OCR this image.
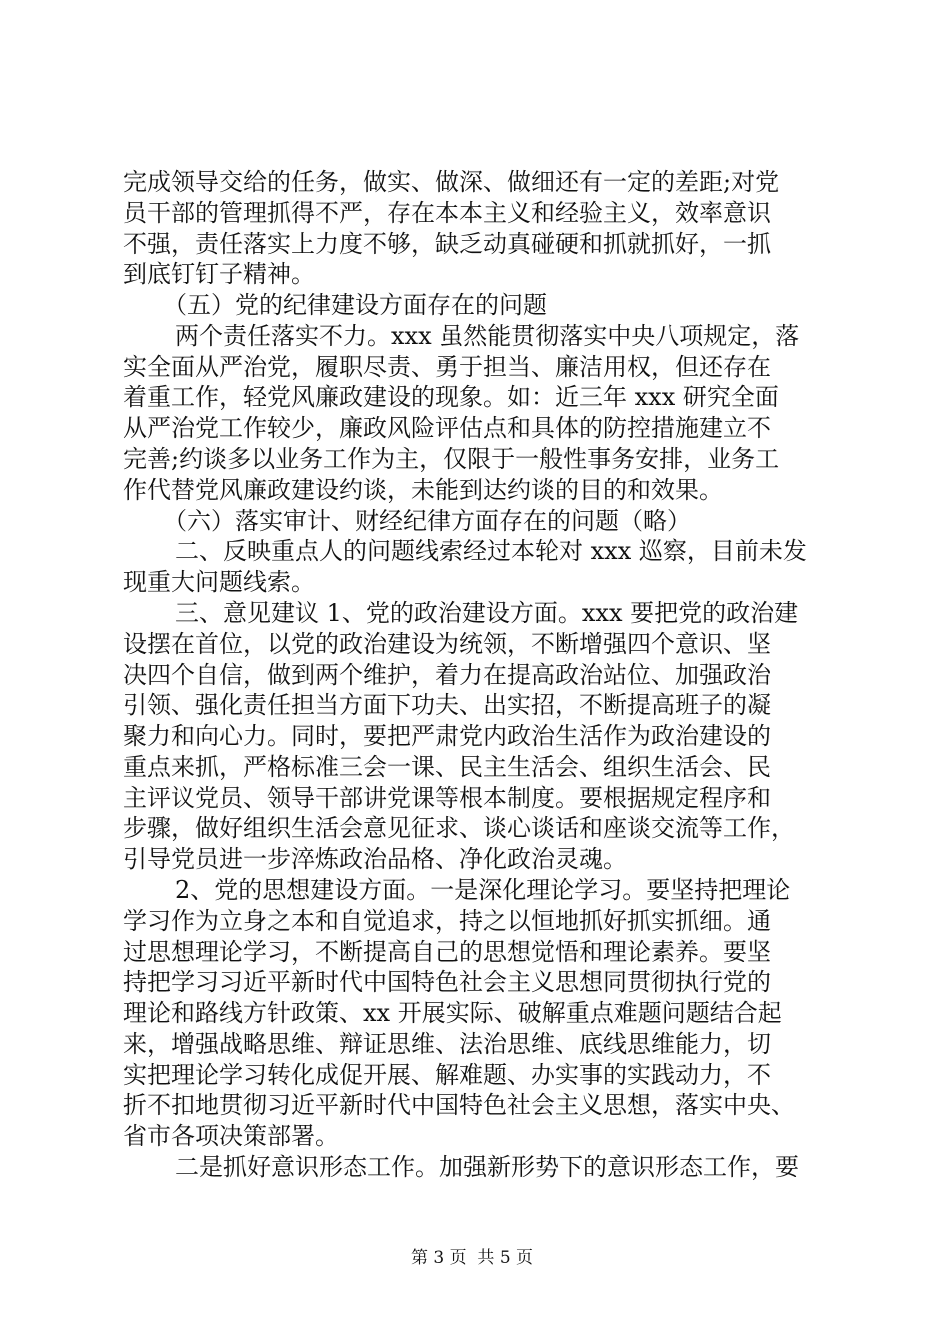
完成领导交给的任务，做实、做深、做细还有一定的差距;对党

员干部的管理抓得不严，存在本本主义和经验主义，效率意识

不强，责任落实上力度不够，缺乏动真碰硬和抓就抓好，一抓

到底钉钉子精神。

（五）党的纪律建设方面存在的问题

两个责任落实不力。xxx 虽然能贯彻落实中央八项规定，落

实全面从严治党，履职尽责、勇于担当、廉洁用权，但还存在

着重工作，轻党风廉政建设的现象。如：近三年 xxx 研究全面

从严治党工作较少，廉政风险评估点和具体的防控措施建立不

完善;约谈多以业务工作为主，仅限于一般性事务安排，业务工

作代替党风廉政建设约谈，未能到达约谈的目的和效果。

（六）落实审计、财经纪律方面存在的问题（略）

二、反映重点人的问题线索经过本轮对 xxx 巡察，目前未发

现重大问题线索。

三、意见建议 1、党的政治建设方面。xxx 要把党的政治建

设摆在首位，以党的政治建设为统领，不断增强四个意识、坚

决四个自信，做到两个维护，着力在提高政治站位、加强政治

引领、强化责任担当方面下功夫、出实招，不断提高班子的凝

聚力和向心力。同时，要把严肃党内政治生活作为政治建设的

重点来抓，严格标准三会一课、民主生活会、组织生活会、民

主评议党员、领导干部讲党课等根本制度。要根据规定程序和

步骤，做好组织生活会意见征求、谈心谈话和座谈交流等工作，

引导党员进一步淬炼政治品格、净化政治灵魂。

2、党的思想建设方面。一是深化理论学习。要坚持把理论

学习作为立身之本和自觉追求，持之以恒地抓好抓实抓细。通

过思想理论学习，不断提高自己的思想觉悟和理论素养。要坚

持把学习习近平新时代中国特色社会主义思想同贯彻执行党的

理论和路线方针政策、xx 开展实际、破解重点难题问题结合起

来，增强战略思维、辩证思维、法治思维、底线思维能力，切

实把理论学习转化成促开展、解难题、办实事的实践动力，不

折不扣地贯彻习近平新时代中国特色社会主义思想，落实中央、

省市各项决策部署。

二是抓好意识形态工作。加强新形势下的意识形态工作，要

第 3 页  共 5 页
